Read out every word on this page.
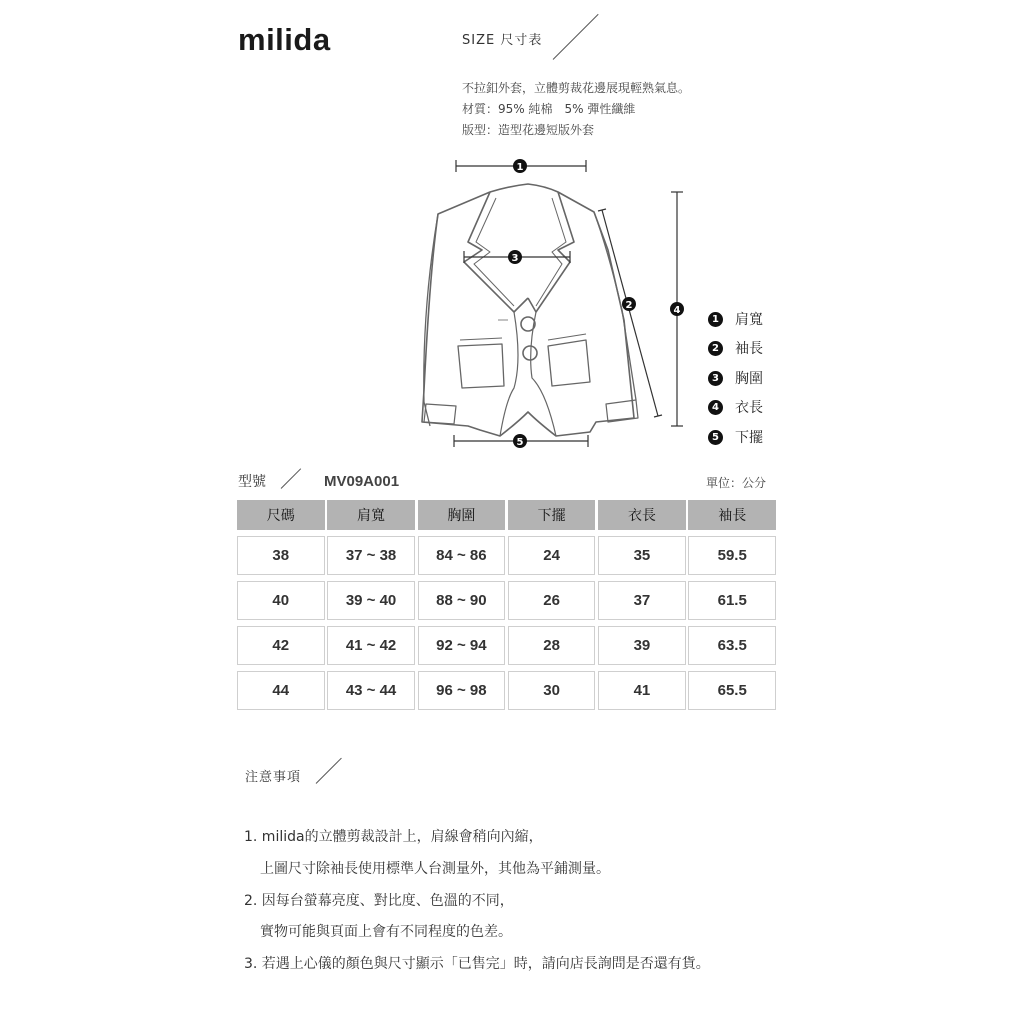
milida	SIZE 尺寸表
不拉釦外套，立體剪裁花邊展現輕熟氣息。
材質：95% 純棉　5% 彈性纖維
版型：造型花邊短版外套
1
3
2	4
5
1 肩寬
2 袖長
3 胸圍
4 衣長
5 下擺
型號	MV09A001	單位：公分
尺碼	肩寬	胸圍	下擺	衣長	袖長
38	37 ~ 38	84 ~ 86	24	35	59.5
40	39 ~ 40	88 ~ 90	26	37	61.5
42	41 ~ 42	92 ~ 94	28	39	63.5
44	43 ~ 44	96 ~ 98	30	41	65.5
注意事項
1. milida的立體剪裁設計上，肩線會稍向內縮，
上圖尺寸除袖長使用標準人台測量外，其他為平鋪測量。
2. 因每台螢幕亮度、對比度、色溫的不同，
實物可能與頁面上會有不同程度的色差。
3. 若遇上心儀的顏色與尺寸顯示「已售完」時，請向店長詢問是否還有貨。
